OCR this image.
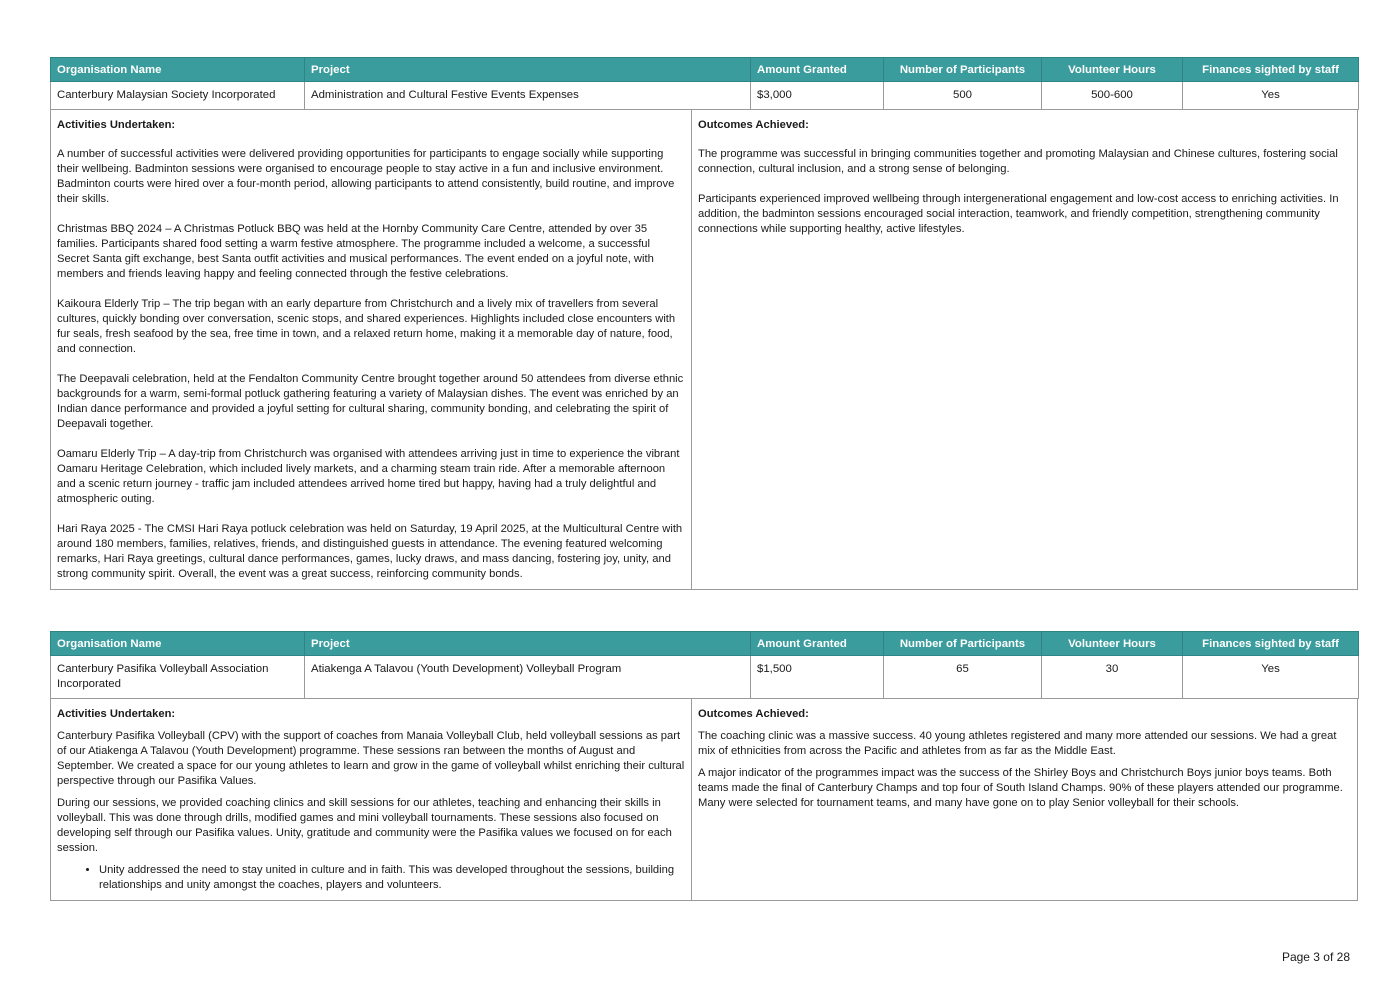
Organisation Name	Project	Amount Granted	Number of Participants	Volunteer Hours	Finances sighted by staff
Canterbury Malaysian Society Incorporated	Administration and Cultural Festive Events Expenses	$3,000	500	500-600	Yes
Activities Undertaken:

A number of successful activities were delivered providing opportunities for participants to engage socially while supporting their wellbeing. Badminton sessions were organised to encourage people to stay active in a fun and inclusive environment. Badminton courts were hired over a four-month period, allowing participants to attend consistently, build routine, and improve their skills.

Christmas BBQ 2024 – A Christmas Potluck BBQ was held at the Hornby Community Care Centre, attended by over 35 families. Participants shared food setting a warm festive atmosphere. The programme included a welcome, a successful Secret Santa gift exchange, best Santa outfit activities and musical performances. The event ended on a joyful note, with members and friends leaving happy and feeling connected through the festive celebrations.

Kaikoura Elderly Trip – The trip began with an early departure from Christchurch and a lively mix of travellers from several cultures, quickly bonding over conversation, scenic stops, and shared experiences. Highlights included close encounters with fur seals, fresh seafood by the sea, free time in town, and a relaxed return home, making it a memorable day of nature, food, and connection.

The Deepavali celebration, held at the Fendalton Community Centre brought together around 50 attendees from diverse ethnic backgrounds for a warm, semi-formal potluck gathering featuring a variety of Malaysian dishes. The event was enriched by an Indian dance performance and provided a joyful setting for cultural sharing, community bonding, and celebrating the spirit of Deepavali together.

Oamaru Elderly Trip – A day-trip from Christchurch was organised with attendees arriving just in time to experience the vibrant Oamaru Heritage Celebration, which included lively markets, and a charming steam train ride. After a memorable afternoon and a scenic return journey - traffic jam included attendees arrived home tired but happy, having had a truly delightful and atmospheric outing.

Hari Raya 2025 - The CMSI Hari Raya potluck celebration was held on Saturday, 19 April 2025, at the Multicultural Centre with around 180 members, families, relatives, friends, and distinguished guests in attendance. The evening featured welcoming remarks, Hari Raya greetings, cultural dance performances, games, lucky draws, and mass dancing, fostering joy, unity, and strong community spirit. Overall, the event was a great success, reinforcing community bonds.

Outcomes Achieved:

The programme was successful in bringing communities together and promoting Malaysian and Chinese cultures, fostering social connection, cultural inclusion, and a strong sense of belonging.

Participants experienced improved wellbeing through intergenerational engagement and low-cost access to enriching activities. In addition, the badminton sessions encouraged social interaction, teamwork, and friendly competition, strengthening community connections while supporting healthy, active lifestyles.

Organisation Name	Project	Amount Granted	Number of Participants	Volunteer Hours	Finances sighted by staff
Canterbury Pasifika Volleyball Association Incorporated	Atiakenga A Talavou (Youth Development) Volleyball Program	$1,500	65	30	Yes
Activities Undertaken:

Canterbury Pasifika Volleyball (CPV) with the support of coaches from Manaia Volleyball Club, held volleyball sessions as part of our Atiakenga A Talavou (Youth Development) programme. These sessions ran between the months of August and September. We created a space for our young athletes to learn and grow in the game of volleyball whilst enriching their cultural perspective through our Pasifika Values.

During our sessions, we provided coaching clinics and skill sessions for our athletes, teaching and enhancing their skills in volleyball. This was done through drills, modified games and mini volleyball tournaments. These sessions also focused on developing self through our Pasifika values. Unity, gratitude and community were the Pasifika values we focused on for each session.

• Unity addressed the need to stay united in culture and in faith. This was developed throughout the sessions, building relationships and unity amongst the coaches, players and volunteers.
Outcomes Achieved:

The coaching clinic was a massive success. 40 young athletes registered and many more attended our sessions. We had a great mix of ethnicities from across the Pacific and athletes from as far as the Middle East.

A major indicator of the programmes impact was the success of the Shirley Boys and Christchurch Boys junior boys teams. Both teams made the final of Canterbury Champs and top four of South Island Champs. 90% of these players attended our programme. Many were selected for tournament teams, and many have gone on to play Senior volleyball for their schools.

Page 3 of 28
